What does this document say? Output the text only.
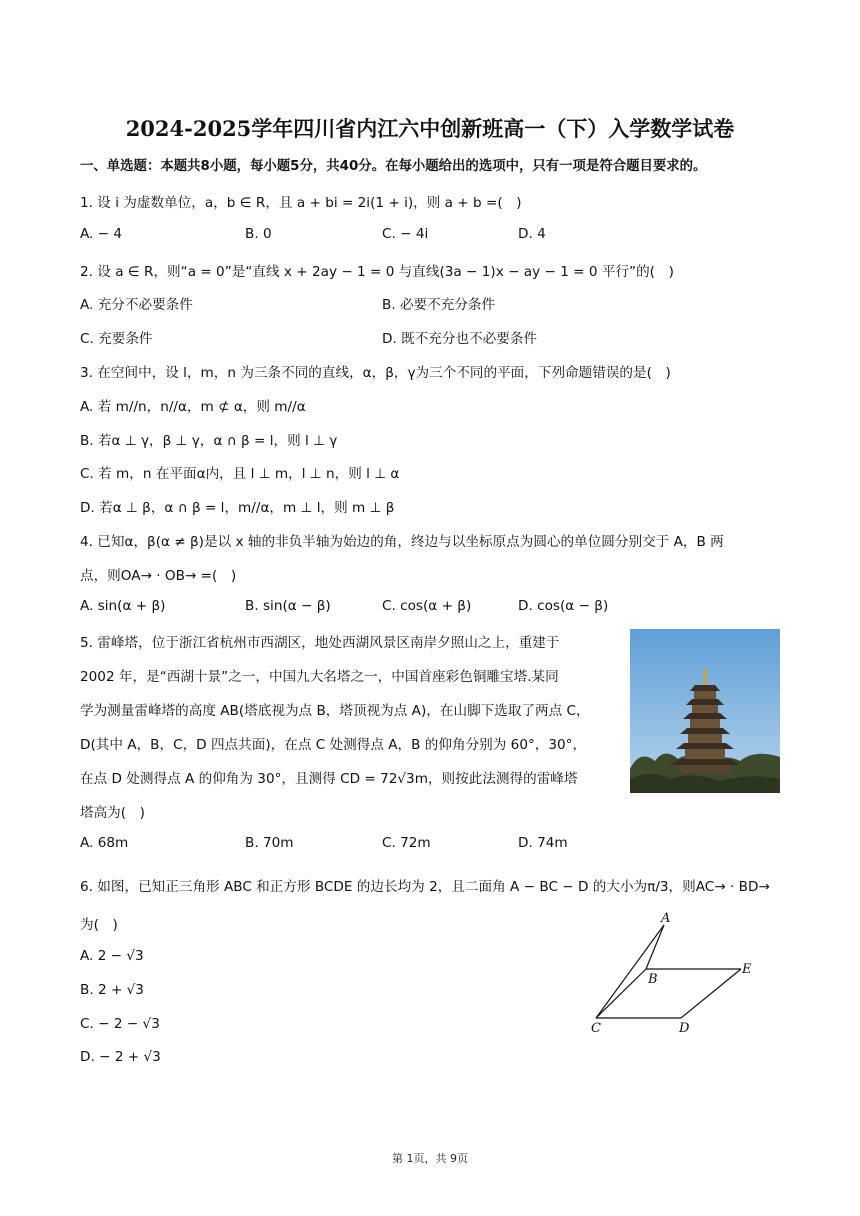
2024-2025学年四川省内江六中创新班高一（下）入学数学试卷
一、单选题：本题共8小题，每小题5分，共40分。在每小题给出的选项中，只有一项是符合题目要求的。
1. 设 i 为虚数单位，a，b ∈ R，且 a + bi = 2i(1 + i)，则 a + b =(　)
A. − 4	B. 0	C. − 4i	D. 4
2. 设 a ∈ R，则“a = 0”是“直线 x + 2ay − 1 = 0 与直线(3a − 1)x − ay − 1 = 0 平行”的(　)
A. 充分不必要条件	B. 必要不充分条件
C. 充要条件	D. 既不充分也不必要条件
3. 在空间中，设 l，m，n 为三条不同的直线，α，β，γ为三个不同的平面，下列命题错误的是(　)
A. 若 m//n，n//α，m ⊄ α，则 m//α
B. 若α ⊥ γ，β ⊥ γ，α ∩ β = l，则 l ⊥ γ
C. 若 m，n 在平面α内，且 l ⊥ m，l ⊥ n，则 l ⊥ α
D. 若α ⊥ β，α ∩ β = l，m//α，m ⊥ l，则 m ⊥ β
4. 已知α，β(α ≠ β)是以 x 轴的非负半轴为始边的角，终边与以坐标原点为圆心的单位圆分别交于 A，B 两
点，则OA→ · OB→ =(　)
A. sin(α + β)	B. sin(α − β)	C. cos(α + β)	D. cos(α − β)
5. 雷峰塔，位于浙江省杭州市西湖区，地处西湖风景区南岸夕照山之上，重建于
2002 年，是“西湖十景”之一，中国九大名塔之一，中国首座彩色铜雕宝塔.某同
学为测量雷峰塔的高度 AB(塔底视为点 B，塔顶视为点 A)，在山脚下选取了两点 C，
D(其中 A，B，C，D 四点共面)，在点 C 处测得点 A，B 的仰角分别为 60°，30°，
在点 D 处测得点 A 的仰角为 30°，且测得 CD = 72√3m，则按此法测得的雷峰塔
塔高为(　)
A. 68m	B. 70m	C. 72m	D. 74m
6. 如图，已知正三角形 ABC 和正方形 BCDE 的边长均为 2，且二面角 A − BC − D 的大小为π/3，则AC→ · BD→
为(　)
A. 2 − √3
B. 2 + √3
C. − 2 − √3
D. − 2 + √3
A
B
C	D
E
第 1页，共 9页
